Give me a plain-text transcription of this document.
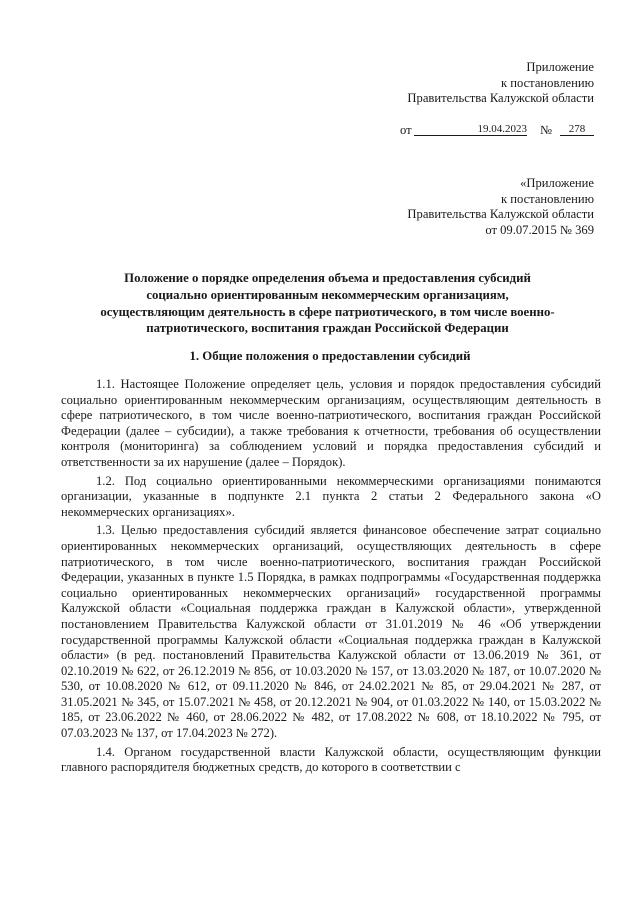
Приложение
к постановлению
Правительства Калужской области
от	19.04.2023 №	278
«Приложение
к постановлению
Правительства Калужской области
от 09.07.2015 № 369
Положение о порядке определения объема и предоставления субсидий
социально ориентированным некоммерческим организациям,
осуществляющим деятельность в сфере патриотического, в том числе военно-
патриотического, воспитания граждан Российской Федерации
1. Общие положения о предоставлении субсидий

1.1. Настоящее Положение определяет цель, условия и порядок предоставления субсидий социально ориентированным некоммерческим организациям, осуществляющим деятельность в сфере патриотического, в том числе военно-патриотического, воспитания граждан Российской Федерации (далее – субсидии), а также требования к отчетности, требования об осуществлении контроля (мониторинга) за соблюдением условий и порядка предоставления субсидий и ответственности за их нарушение (далее – Порядок).

1.2. Под социально ориентированными некоммерческими организациями понимаются организации, указанные в подпункте 2.1 пункта 2 статьи 2 Федерального закона «О некоммерческих организациях».

1.3. Целью предоставления субсидий является финансовое обеспечение затрат социально ориентированных некоммерческих организаций, осуществляющих деятельность в сфере патриотического, в том числе военно-патриотического, воспитания граждан Российской Федерации, указанных в пункте 1.5 Порядка, в рамках подпрограммы «Государственная поддержка социально ориентированных некоммерческих организаций» государственной программы Калужской области «Социальная поддержка граждан в Калужской области», утвержденной постановлением Правительства Калужской области от 31.01.2019 № 46 «Об утверждении государственной программы Калужской области «Социальная поддержка граждан в Калужской области» (в ред. постановлений Правительства Калужской области от 13.06.2019 № 361, от 02.10.2019 № 622, от 26.12.2019 № 856, от 10.03.2020 № 157, от 13.03.2020 № 187, от 10.07.2020 № 530, от 10.08.2020 № 612, от 09.11.2020 № 846, от 24.02.2021 № 85, от 29.04.2021 № 287, от 31.05.2021 № 345, от 15.07.2021 № 458, от 20.12.2021 № 904, от 01.03.2022 № 140, от 15.03.2022 № 185, от 23.06.2022 № 460, от 28.06.2022 № 482, от 17.08.2022 № 608, от 18.10.2022 № 795, от 07.03.2023 № 137, от 17.04.2023 № 272).

1.4. Органом государственной власти Калужской области, осуществляющим функции главного распорядителя бюджетных средств, до которого в соответствии с
